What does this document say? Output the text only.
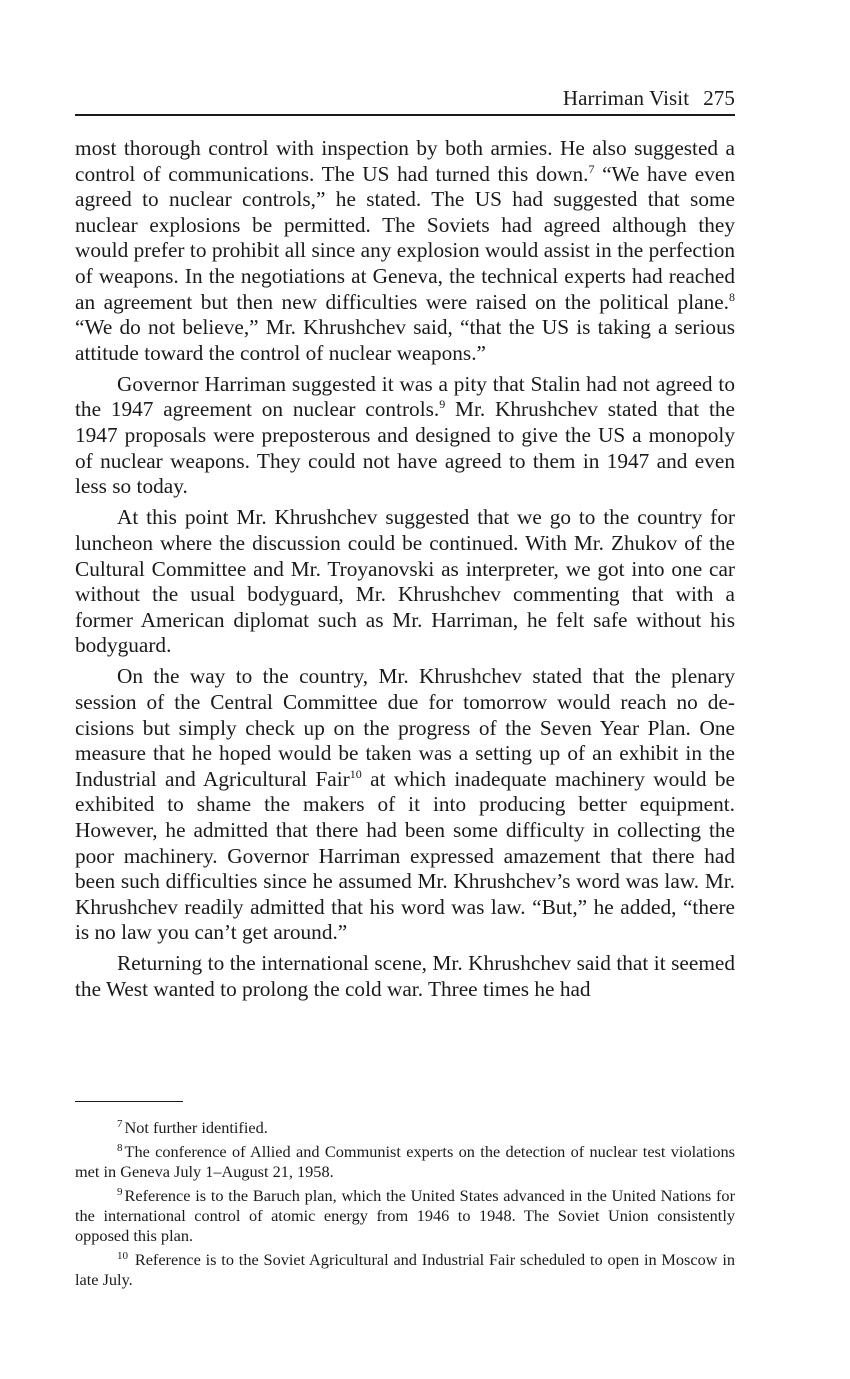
Harriman Visit 275

most thorough control with inspection by both armies. He also suggested a control of communications. The US had turned this down.$^7$ “We have even agreed to nuclear controls,” he stated. The US had suggested that some nuclear explosions be permitted. The Soviets had agreed although they would prefer to prohibit all since any explosion would assist in the perfection of weapons. In the negotiations at Geneva, the technical experts had reached an agreement but then new difficulties were raised on the political plane.$^8$ “We do not believe,” Mr. Khrushchev said, “that the US is taking a serious attitude toward the control of nuclear weapons.”

Governor Harriman suggested it was a pity that Stalin had not agreed to the 1947 agreement on nuclear controls.$^9$ Mr. Khrushchev stated that the 1947 proposals were preposterous and designed to give the US a monopoly of nuclear weapons. They could not have agreed to them in 1947 and even less so today.

At this point Mr. Khrushchev suggested that we go to the country for luncheon where the discussion could be continued. With Mr. Zhukov of the Cultural Committee and Mr. Troyanovski as interpreter, we got into one car without the usual bodyguard, Mr. Khrushchev commenting that with a former American diplomat such as Mr. Harriman, he felt safe without his bodyguard.

On the way to the country, Mr. Khrushchev stated that the plenary session of the Central Committee due for tomorrow would reach no decisions but simply check up on the progress of the Seven Year Plan. One measure that he hoped would be taken was a setting up of an exhibit in the Industrial and Agricultural Fair$^{10}$ at which inadequate machinery would be exhibited to shame the makers of it into producing better equipment. However, he admitted that there had been some difficulty in collecting the poor machinery. Governor Harriman expressed amazement that there had been such difficulties since he assumed Mr. Khrushchev’s word was law. Mr. Khrushchev readily admitted that his word was law. “But,” he added, “there is no law you can’t get around.”

Returning to the international scene, Mr. Khrushchev said that it seemed the West wanted to prolong the cold war. Three times he had

$^7$ Not further identified.

$^8$ The conference of Allied and Communist experts on the detection of nuclear test violations met in Geneva July 1–August 21, 1958.

$^9$ Reference is to the Baruch plan, which the United States advanced in the United Nations for the international control of atomic energy from 1946 to 1948. The Soviet Union consistently opposed this plan.

$^{10}$ Reference is to the Soviet Agricultural and Industrial Fair scheduled to open in Moscow in late July.
